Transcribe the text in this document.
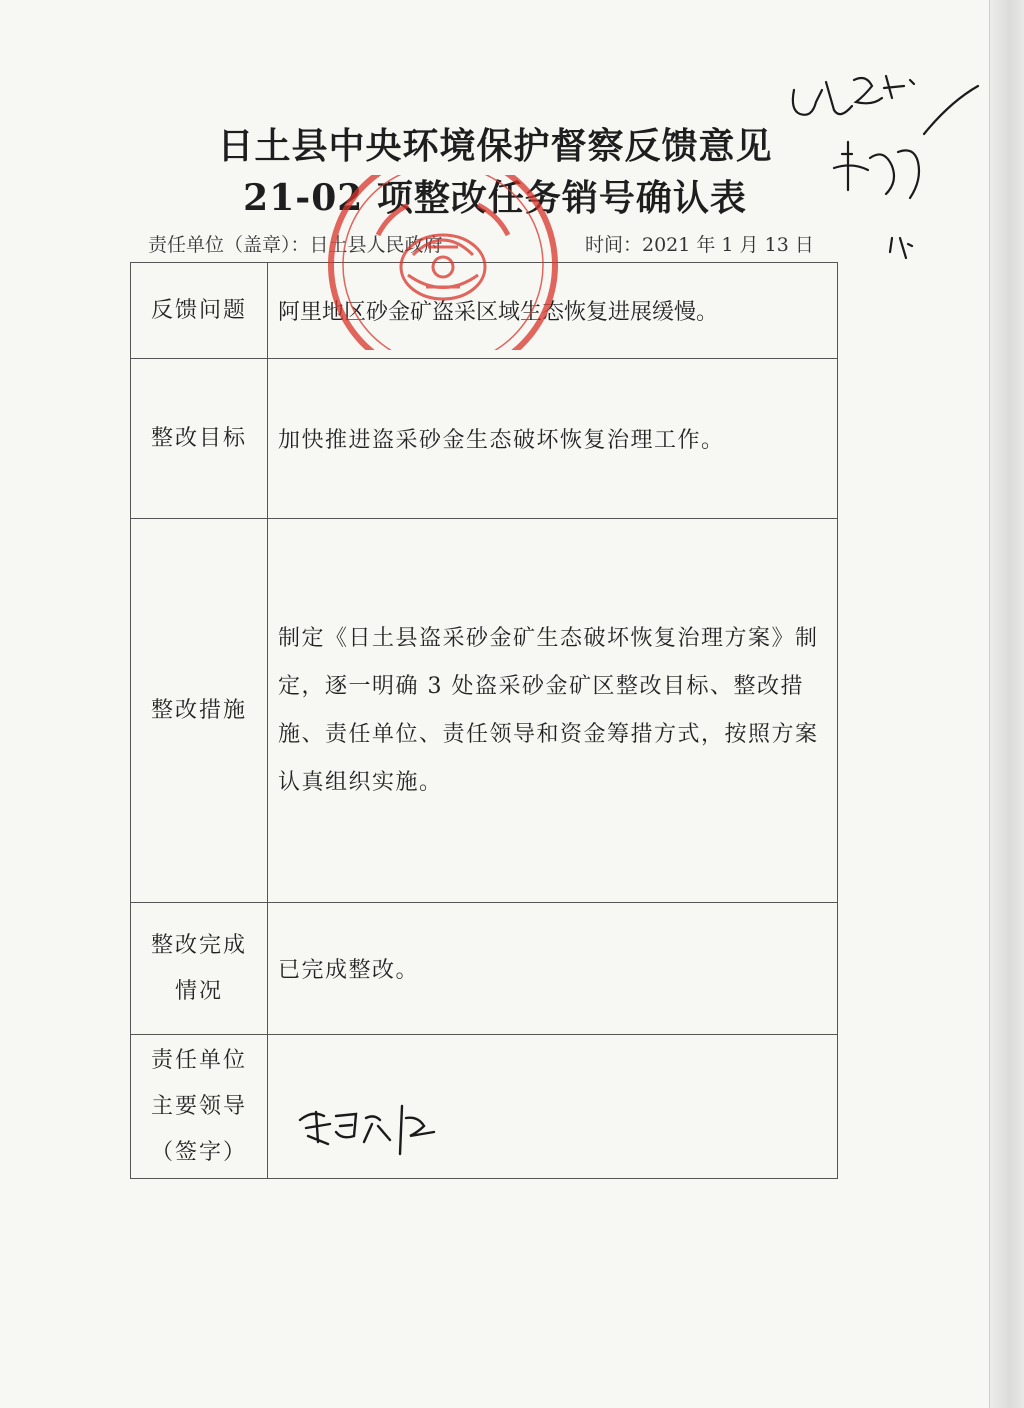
日土县中央环境保护督察反馈意见
21-02 项整改任务销号确认表
责任单位（盖章）：日土县人民政府	时间：2021 年 1 月 13 日
反馈问题	阿里地区砂金矿盗采区域生态恢复进展缓慢。
整改目标	加快推进盗采砂金生态破坏恢复治理工作。
整改措施	制定《日土县盗采砂金矿生态破坏恢复治理方案》制定，逐一明确 3 处盗采砂金矿区整改目标、整改措施、责任单位、责任领导和资金筹措方式，按照方案认真组织实施。

整改完成
情况	已完成整改。

责任单位
主要领导
（签字）	
